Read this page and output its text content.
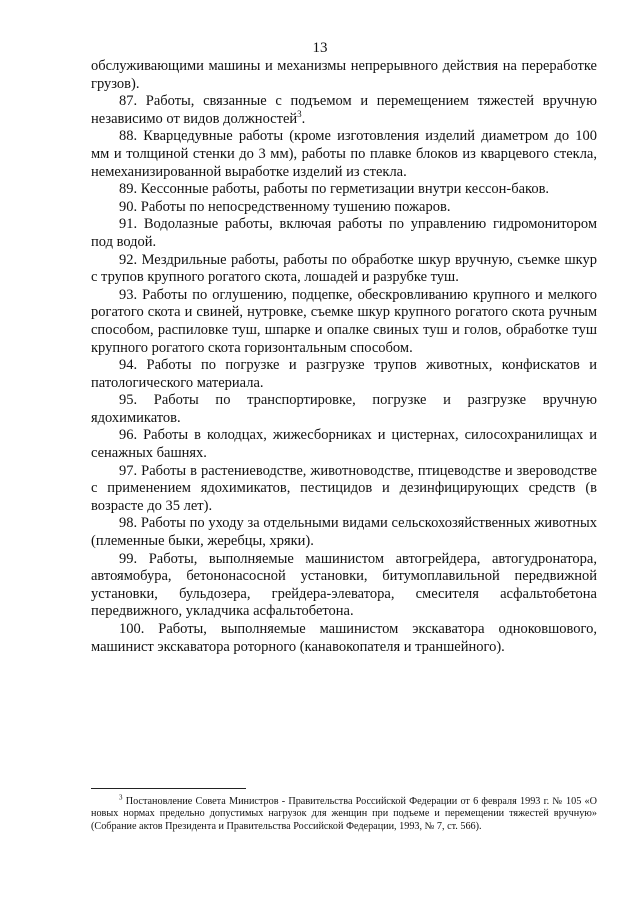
13

обслуживающими машины и механизмы непрерывного действия на переработке грузов).

87. Работы, связанные с подъемом и перемещением тяжестей вручную независимо от видов должностей$^3$.

88. Кварцедувные работы (кроме изготовления изделий диаметром до 100 мм и толщиной стенки до 3 мм), работы по плавке блоков из кварцевого стекла, немеханизированной выработке изделий из стекла.

89. Кессонные работы, работы по герметизации внутри кессон-баков.

90. Работы по непосредственному тушению пожаров.

91. Водолазные работы, включая работы по управлению гидромонитором под водой.

92. Мездрильные работы, работы по обработке шкур вручную, съемке шкур с трупов крупного рогатого скота, лошадей и разрубке туш.

93. Работы по оглушению, подцепке, обескровливанию крупного и мелкого рогатого скота и свиней, нутровке, съемке шкур крупного рогатого скота ручным способом, распиловке туш, шпарке и опалке свиных туш и голов, обработке туш крупного рогатого скота горизонтальным способом.

94. Работы по погрузке и разгрузке трупов животных, конфискатов и патологического материала.

95. Работы по транспортировке, погрузке и разгрузке вручную ядохимикатов.

96. Работы в колодцах, жижесборниках и цистернах, силосохранилищах и сенажных башнях.

97. Работы в растениеводстве, животноводстве, птицеводстве и звероводстве с применением ядохимикатов, пестицидов и дезинфицирующих средств (в возрасте до 35 лет).

98. Работы по уходу за отдельными видами сельскохозяйственных животных (племенные быки, жеребцы, хряки).

99. Работы, выполняемые машинистом автогрейдера, автогудронатора, автоямобура, бетононасосной установки, битумоплавильной передвижной установки, бульдозера, грейдера-элеватора, смесителя асфальтобетона передвижного, укладчика асфальтобетона.

100. Работы, выполняемые машинистом экскаватора одноковшового, машинист экскаватора роторного (канавокопателя и траншейного).

$^3$ Постановление Совета Министров - Правительства Российской Федерации от 6 февраля 1993 г. № 105 «О новых нормах предельно допустимых нагрузок для женщин при подъеме и перемещении тяжестей вручную» (Собрание актов Президента и Правительства Российской Федерации, 1993, № 7, ст. 566).
